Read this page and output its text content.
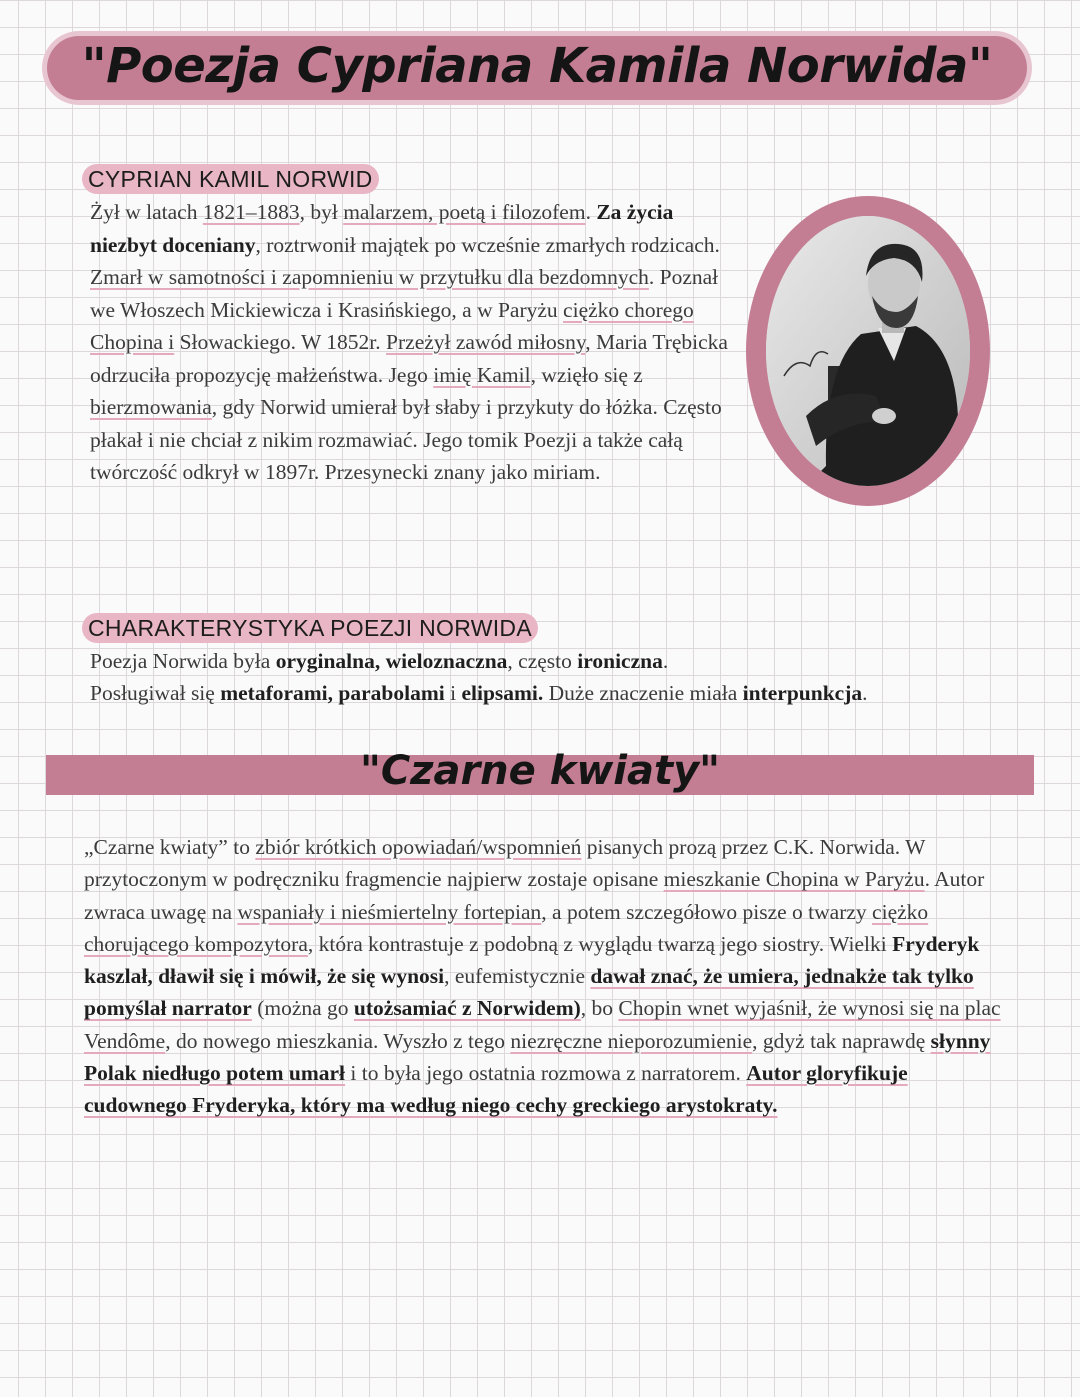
"Poezja Cypriana Kamila Norwida"
CYPRIAN KAMIL NORWID

Żył w latach 1821–1883, był malarzem, poetą i filozofem. Za życia niezbyt doceniany, roztrwonił majątek po wcześnie zmarłych rodzicach. Zmarł w samotności i zapomnieniu w przytułku dla bezdomnych. Poznał we Włoszech Mickiewicza i Krasińskiego, a w Paryżu ciężko chorego Chopina i Słowackiego. W 1852r. Przeżył zawód miłosny, Maria Trębicka odrzuciła propozycję małżeństwa. Jego imię Kamil, wzięło się z bierzmowania, gdy Norwid umierał był słaby i przykuty do łóżka. Często płakał i nie chciał z nikim rozmawiać. Jego tomik Poezji a także całą twórczość odkrył w 1897r. Przesynecki znany jako miriam.

CHARAKTERYSTYKA POEZJI NORWIDA

Poezja Norwida była oryginalna, wieloznaczna, często ironiczna.

Posługiwał się metaforami, parabolami i elipsami. Duże znaczenie miała interpunkcja.

"Czarne kwiaty"

„Czarne kwiaty” to zbiór krótkich opowiadań/wspomnień pisanych prozą przez C.K. Norwida. W przytoczonym w podręczniku fragmencie najpierw zostaje opisane mieszkanie Chopina w Paryżu. Autor zwraca uwagę na wspaniały i nieśmiertelny fortepian, a potem szczegółowo pisze o twarzy ciężko chorującego kompozytora, która kontrastuje z podobną z wyglądu twarzą jego siostry. Wielki Fryderyk kaszlał, dławił się i mówił, że się wynosi, eufemistycznie dawał znać, że umiera, jednakże tak tylko pomyślał narrator (można go utożsamiać z Norwidem), bo Chopin wnet wyjaśnił, że wynosi się na plac Vendôme, do nowego mieszkania. Wyszło z tego niezręczne nieporozumienie, gdyż tak naprawdę słynny Polak niedługo potem umarł i to była jego ostatnia rozmowa z narratorem. Autor gloryfikuje cudownego Fryderyka, który ma według niego cechy greckiego arystokraty.
